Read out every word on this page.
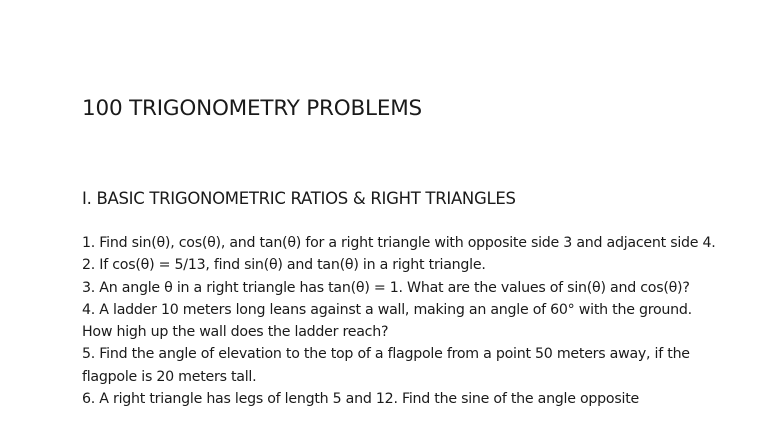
100 TRIGONOMETRY PROBLEMS
I. BASIC TRIGONOMETRIC RATIOS & RIGHT TRIANGLES
1. Find sin(θ), cos(θ), and tan(θ) for a right triangle with opposite side 3 and adjacent side 4.
2. If cos(θ) = 5/13, find sin(θ) and tan(θ) in a right triangle.
3. An angle θ in a right triangle has tan(θ) = 1. What are the values of sin(θ) and cos(θ)?
4. A ladder 10 meters long leans against a wall, making an angle of 60° with the ground. How high up the wall does the ladder reach?
5. Find the angle of elevation to the top of a flagpole from a point 50 meters away, if the flagpole is 20 meters tall.
6. A right triangle has legs of length 5 and 12. Find the sine of the angle opposite
